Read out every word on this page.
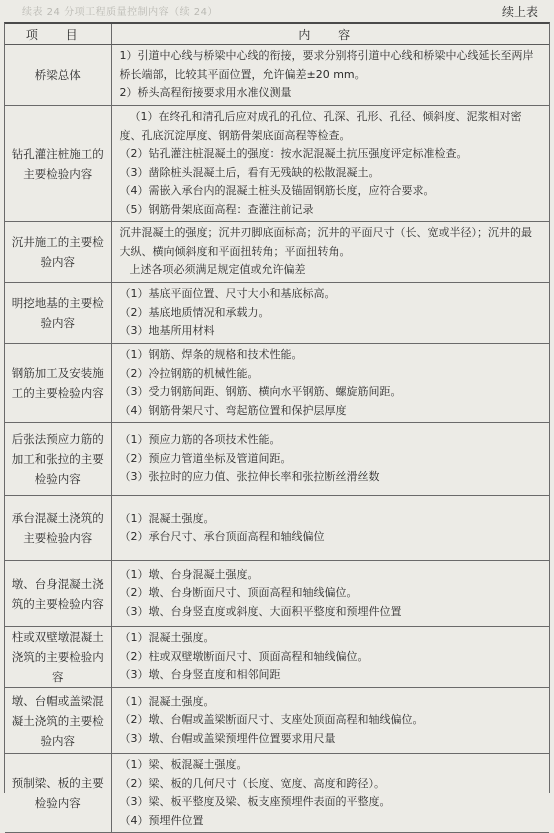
续表 24 分项工程质量控制内容（续 24）	续上表
项 目	内 容
桥梁总体	1）引道中心线与桥梁中心线的衔接，要求分别将引道中心线和桥梁中心线延长至两岸桥长端部，比较其平面位置，允许偏差±20 mm。
2）桥头高程衔接要求用水准仪测量

钻孔灌注桩施工的主要检验内容	（1）在终孔和清孔后应对成孔的孔位、孔深、孔形、孔径、倾斜度、泥浆相对密度、孔底沉淀厚度、钢筋骨架底面高程等检查。
（2）钻孔灌注桩混凝土的强度：按水泥混凝土抗压强度评定标准检查。
（3）凿除桩头混凝土后，看有无残缺的松散混凝土。
（4）需嵌入承台内的混凝土桩头及锚固钢筋长度，应符合要求。
（5）钢筋骨架底面高程：查灌注前记录

沉井施工的主要检验内容	沉井混凝土的强度；沉井刃脚底面标高；沉井的平面尺寸（长、宽或半径）；沉井的最大纵、横向倾斜度和平面扭转角；平面扭转角。
上述各项必须满足规定值或允许偏差

明挖地基的主要检验内容	（1）基底平面位置、尺寸大小和基底标高。
（2）基底地质情况和承载力。
（3）地基所用材料

钢筋加工及安装施工的主要检验内容	（1）钢筋、焊条的规格和技术性能。
（2）冷拉钢筋的机械性能。
（3）受力钢筋间距、钢筋、横向水平钢筋、螺旋筋间距。
（4）钢筋骨架尺寸、弯起筋位置和保护层厚度

后张法预应力筋的加工和张拉的主要检验内容	（1）预应力筋的各项技术性能。
（2）预应力管道坐标及管道间距。
（3）张拉时的应力值、张拉伸长率和张拉断丝滑丝数

承台混凝土浇筑的主要检验内容	（1）混凝土强度。
（2）承台尺寸、承台顶面高程和轴线偏位

墩、台身混凝土浇筑的主要检验内容	（1）墩、台身混凝土强度。
（2）墩、台身断面尺寸、顶面高程和轴线偏位。
（3）墩、台身竖直度或斜度、大面积平整度和预埋件位置

柱或双壁墩混凝土浇筑的主要检验内容	（1）混凝土强度。
（2）柱或双壁墩断面尺寸、顶面高程和轴线偏位。
（3）墩、台身竖直度和相邻间距

墩、台帽或盖梁混凝土浇筑的主要检验内容	（1）混凝土强度。
（2）墩、台帽或盖梁断面尺寸、支座处顶面高程和轴线偏位。
（3）墩、台帽或盖梁预埋件位置要求用尺量

预制梁、板的主要检验内容	（1）梁、板混凝土强度。
（2）梁、板的几何尺寸（长度、宽度、高度和跨径）。
（3）梁、板平整度及梁、板支座预埋件表面的平整度。
（4）预埋件位置
